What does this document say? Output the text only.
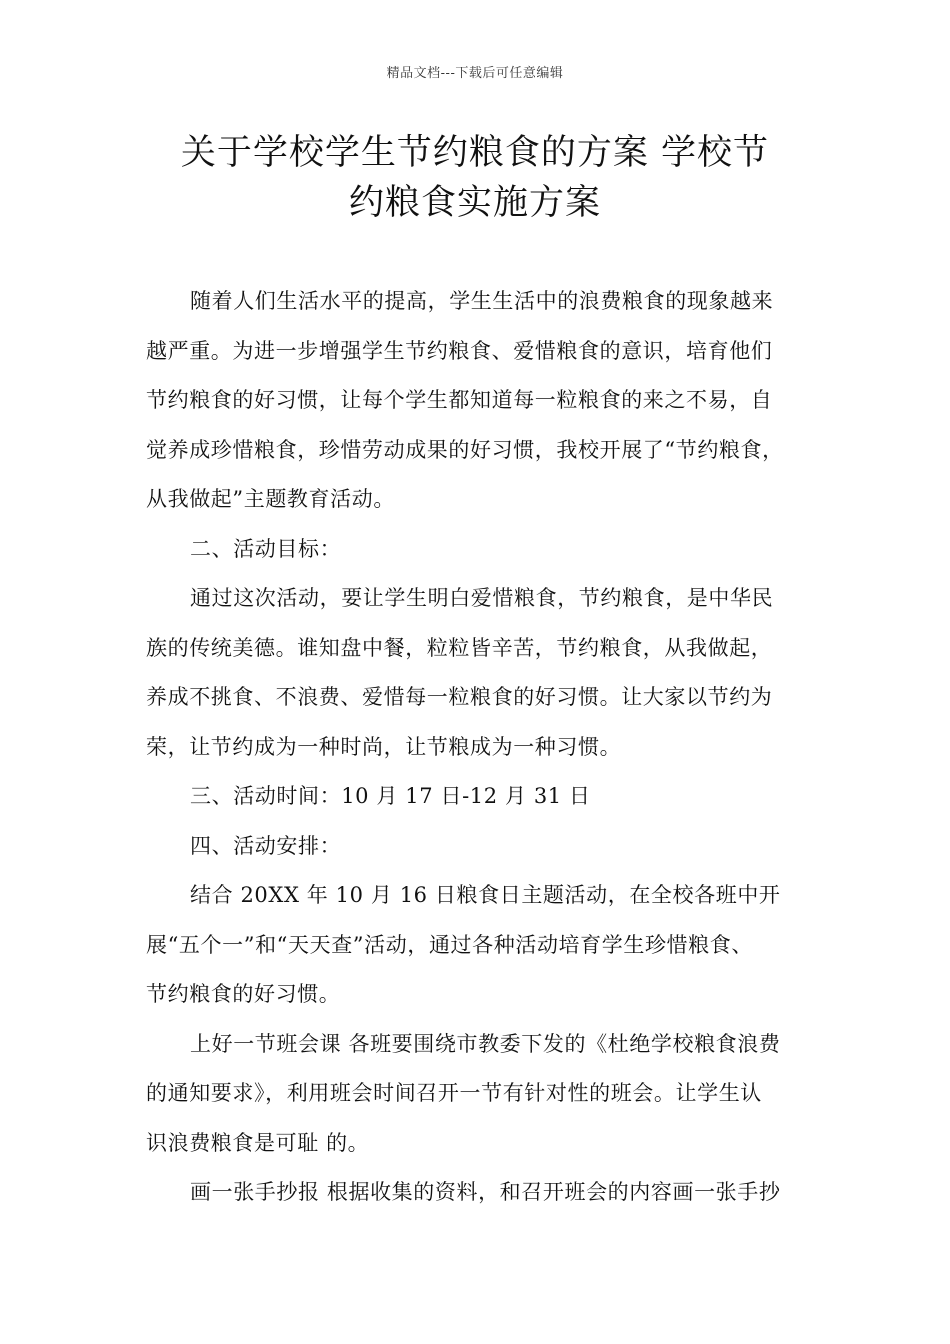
精品文档---下载后可任意编辑
关于学校学生节约粮食的方案 学校节
约粮食实施方案

随着人们生活水平的提高，学生生活中的浪费粮食的现象越来
越严重。为进一步增强学生节约粮食、爱惜粮食的意识，培育他们
节约粮食的好习惯，让每个学生都知道每一粒粮食的来之不易，自
觉养成珍惜粮食，珍惜劳动成果的好习惯，我校开展了“节约粮食，
从我做起”主题教育活动。

二、活动目标：

通过这次活动，要让学生明白爱惜粮食，节约粮食，是中华民
族的传统美德。谁知盘中餐，粒粒皆辛苦，节约粮食，从我做起，
养成不挑食、不浪费、爱惜每一粒粮食的好习惯。让大家以节约为
荣，让节约成为一种时尚，让节粮成为一种习惯。

三、活动时间：10 月 17 日-12 月 31 日

四、活动安排：

结合 20XX 年 10 月 16 日粮食日主题活动，在全校各班中开
展“五个一”和“天天查”活动，通过各种活动培育学生珍惜粮食、
节约粮食的好习惯。

上好一节班会课 各班要围绕市教委下发的《杜绝学校粮食浪费
的通知要求》，利用班会时间召开一节有针对性的班会。让学生认
识浪费粮食是可耻 的。

画一张手抄报 根据收集的资料，和召开班会的内容画一张手抄
